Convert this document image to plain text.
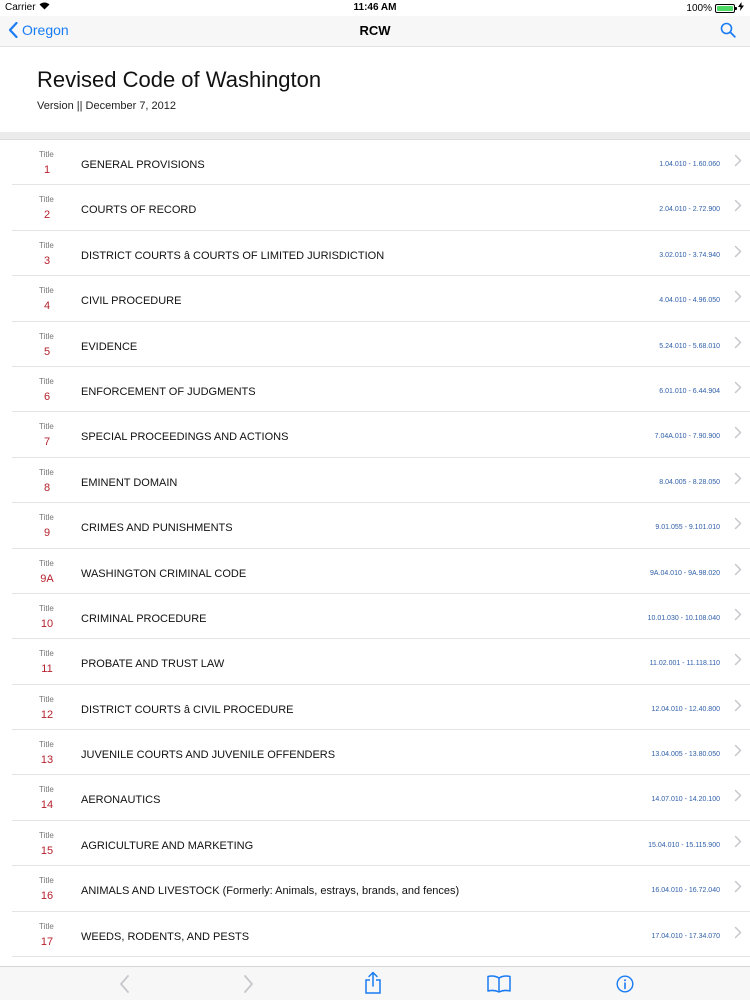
Carrier	11:46 AM	100%
Oregon	RCW
Revised Code of Washington
Version || December 7, 2012
Title
1	GENERAL PROVISIONS	1.04.010 - 1.60.060
Title
2	COURTS OF RECORD	2.04.010 - 2.72.900
Title
3	DISTRICT COURTS â COURTS OF LIMITED JURISDICTION	3.02.010 - 3.74.940
Title
4	CIVIL PROCEDURE	4.04.010 - 4.96.050
Title
5	EVIDENCE	5.24.010 - 5.68.010
Title
6	ENFORCEMENT OF JUDGMENTS	6.01.010 - 6.44.904
Title
7	SPECIAL PROCEEDINGS AND ACTIONS	7.04A.010 - 7.90.900
Title
8	EMINENT DOMAIN	8.04.005 - 8.28.050
Title
9	CRIMES AND PUNISHMENTS	9.01.055 - 9.101.010
Title
9A	WASHINGTON CRIMINAL CODE	9A.04.010 - 9A.98.020
Title
10	CRIMINAL PROCEDURE	10.01.030 - 10.108.040
Title
11	PROBATE AND TRUST LAW	11.02.001 - 11.118.110
Title
12	DISTRICT COURTS â CIVIL PROCEDURE	12.04.010 - 12.40.800
Title
13	JUVENILE COURTS AND JUVENILE OFFENDERS	13.04.005 - 13.80.050
Title
14	AERONAUTICS	14.07.010 - 14.20.100
Title
15	AGRICULTURE AND MARKETING	15.04.010 - 15.115.900
Title
16	ANIMALS AND LIVESTOCK (Formerly: Animals, estrays, brands, and fences)	16.04.010 - 16.72.040
Title
17	WEEDS, RODENTS, AND PESTS	17.04.010 - 17.34.070
